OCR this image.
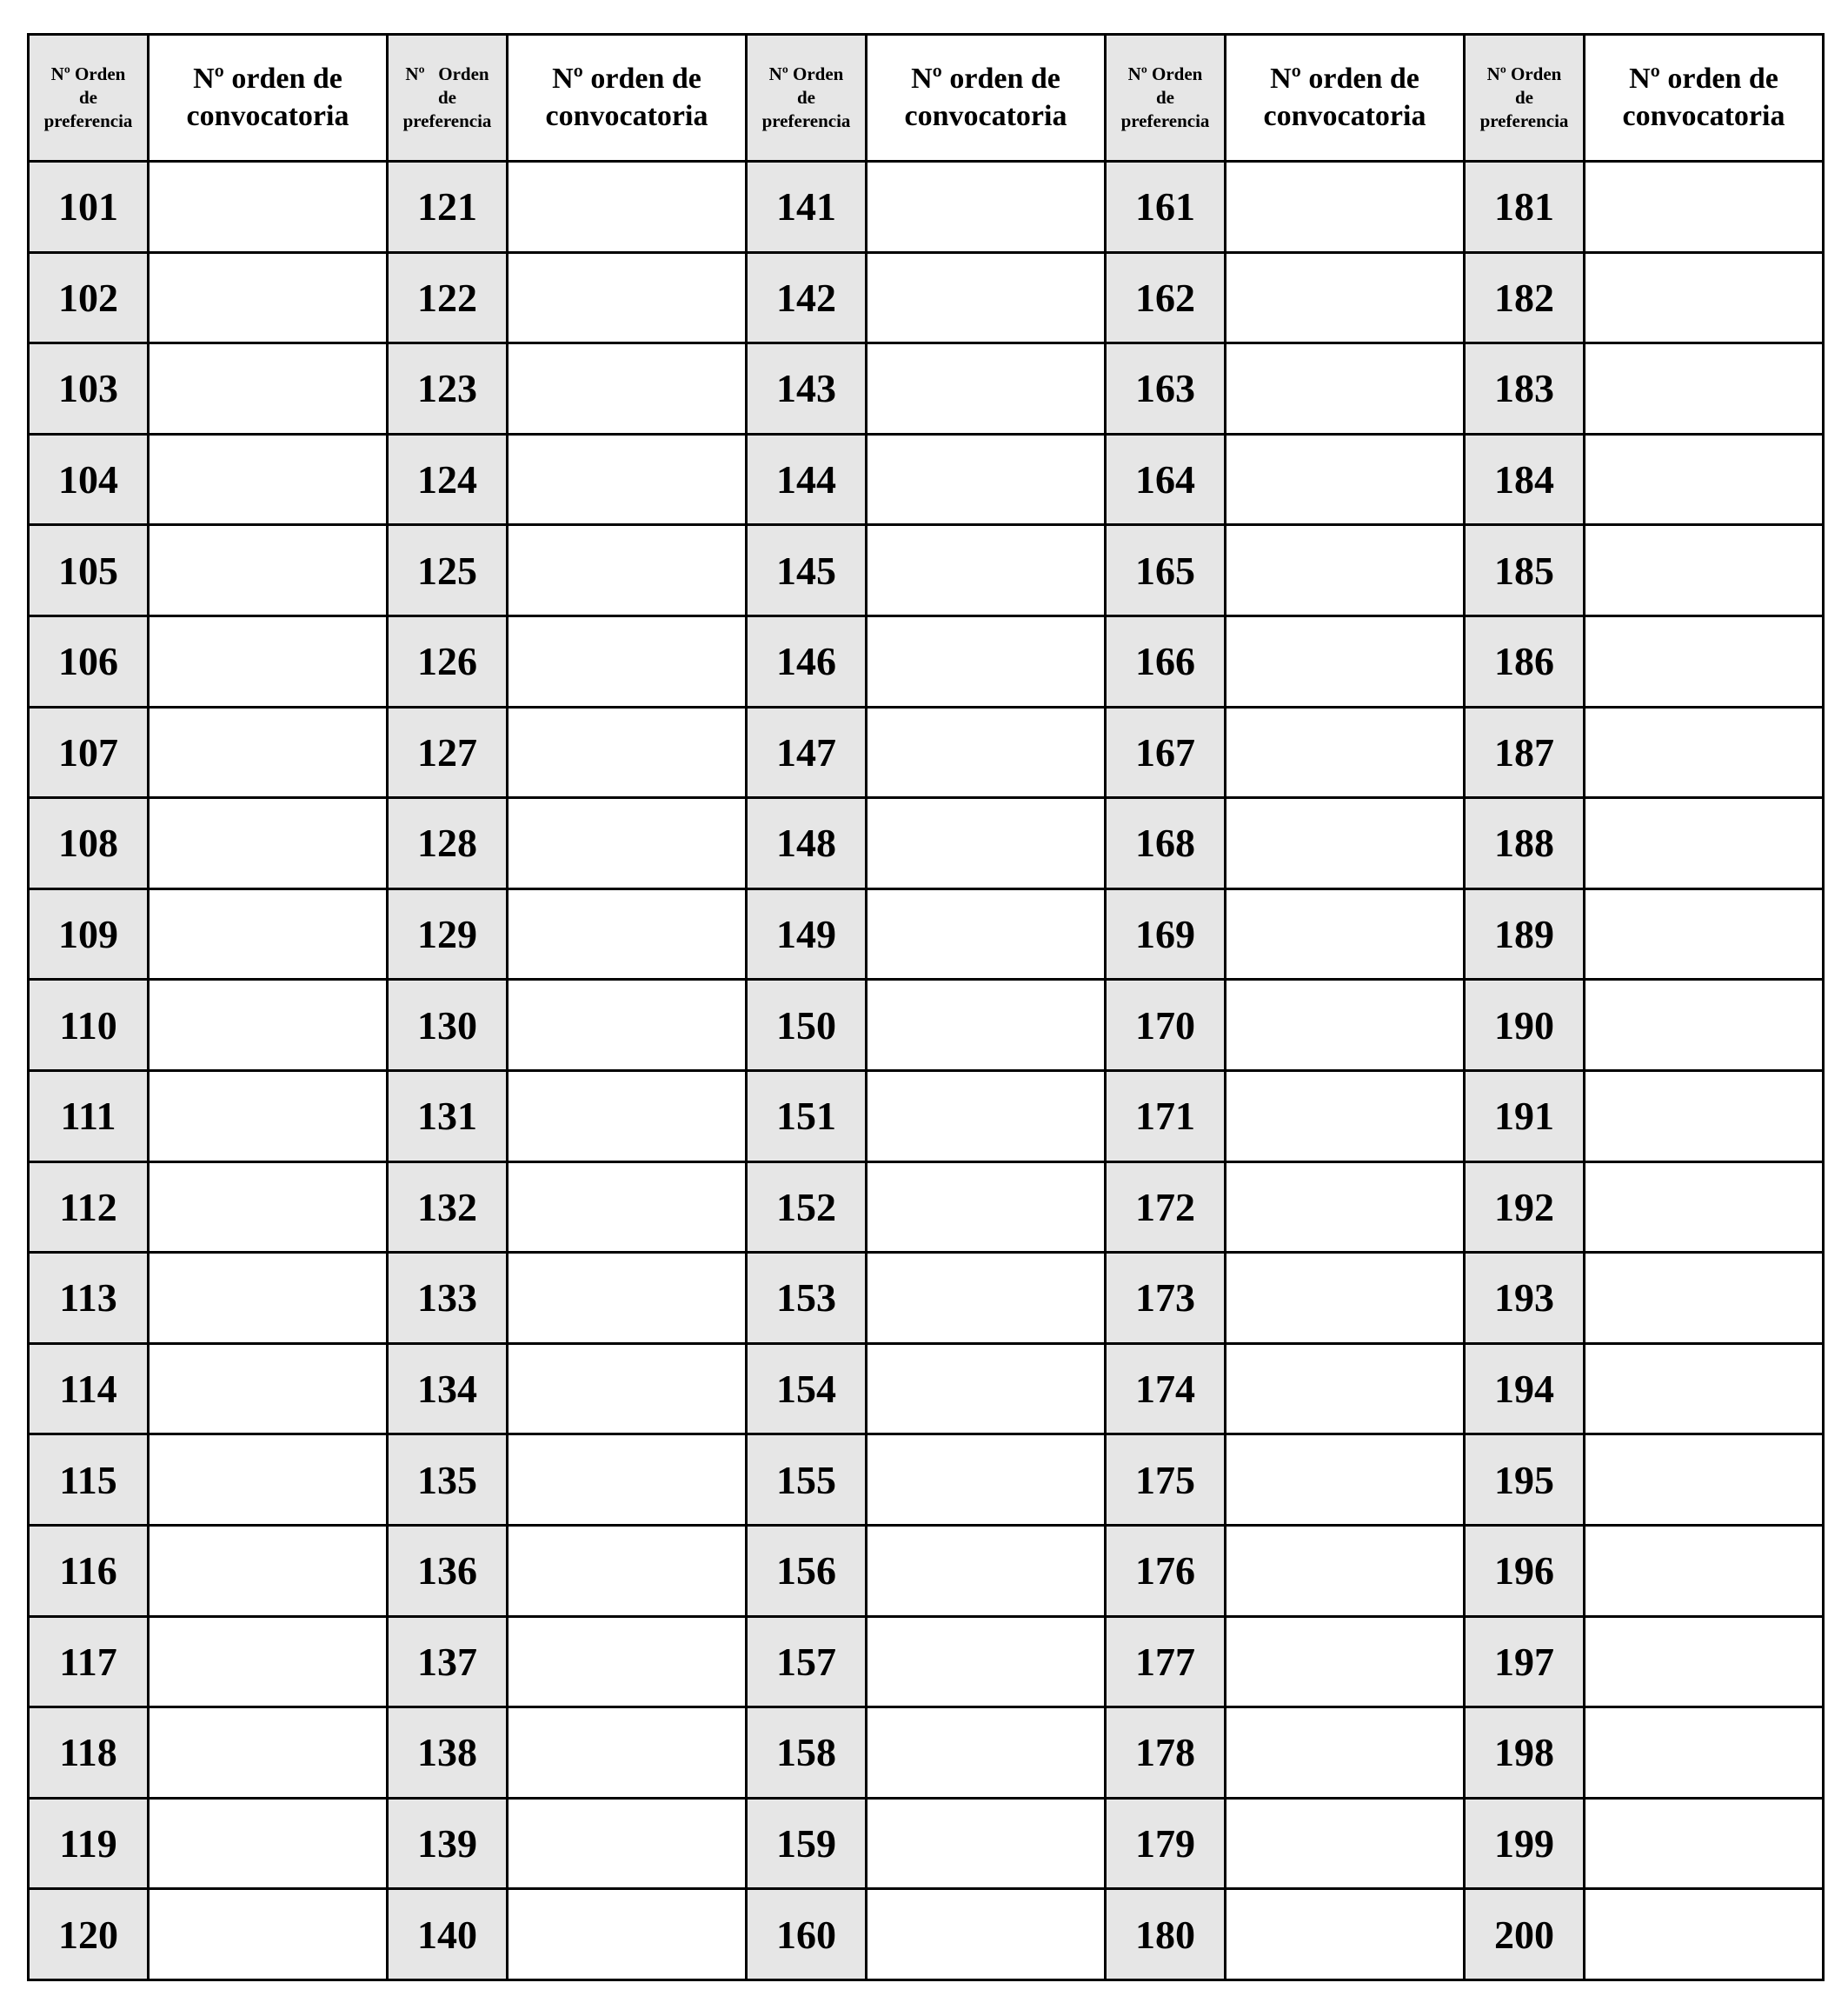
Nº Orden
de
preferencia	Nº orden de
convocatoria	Nº   Orden
de
preferencia	Nº orden de
convocatoria	Nº Orden
de
preferencia	Nº orden de
convocatoria	Nº Orden
de
preferencia	Nº orden de
convocatoria	Nº Orden
de
preferencia	Nº orden de
convocatoria

101		121		141		161		181	
102		122		142		162		182	
103		123		143		163		183	
104		124		144		164		184	
105		125		145		165		185	
106		126		146		166		186	
107		127		147		167		187	
108		128		148		168		188	
109		129		149		169		189	
110		130		150		170		190	
111		131		151		171		191	
112		132		152		172		192	
113		133		153		173		193	
114		134		154		174		194	
115		135		155		175		195	
116		136		156		176		196	
117		137		157		177		197	
118		138		158		178		198	
119		139		159		179		199	
120		140		160		180		200	
